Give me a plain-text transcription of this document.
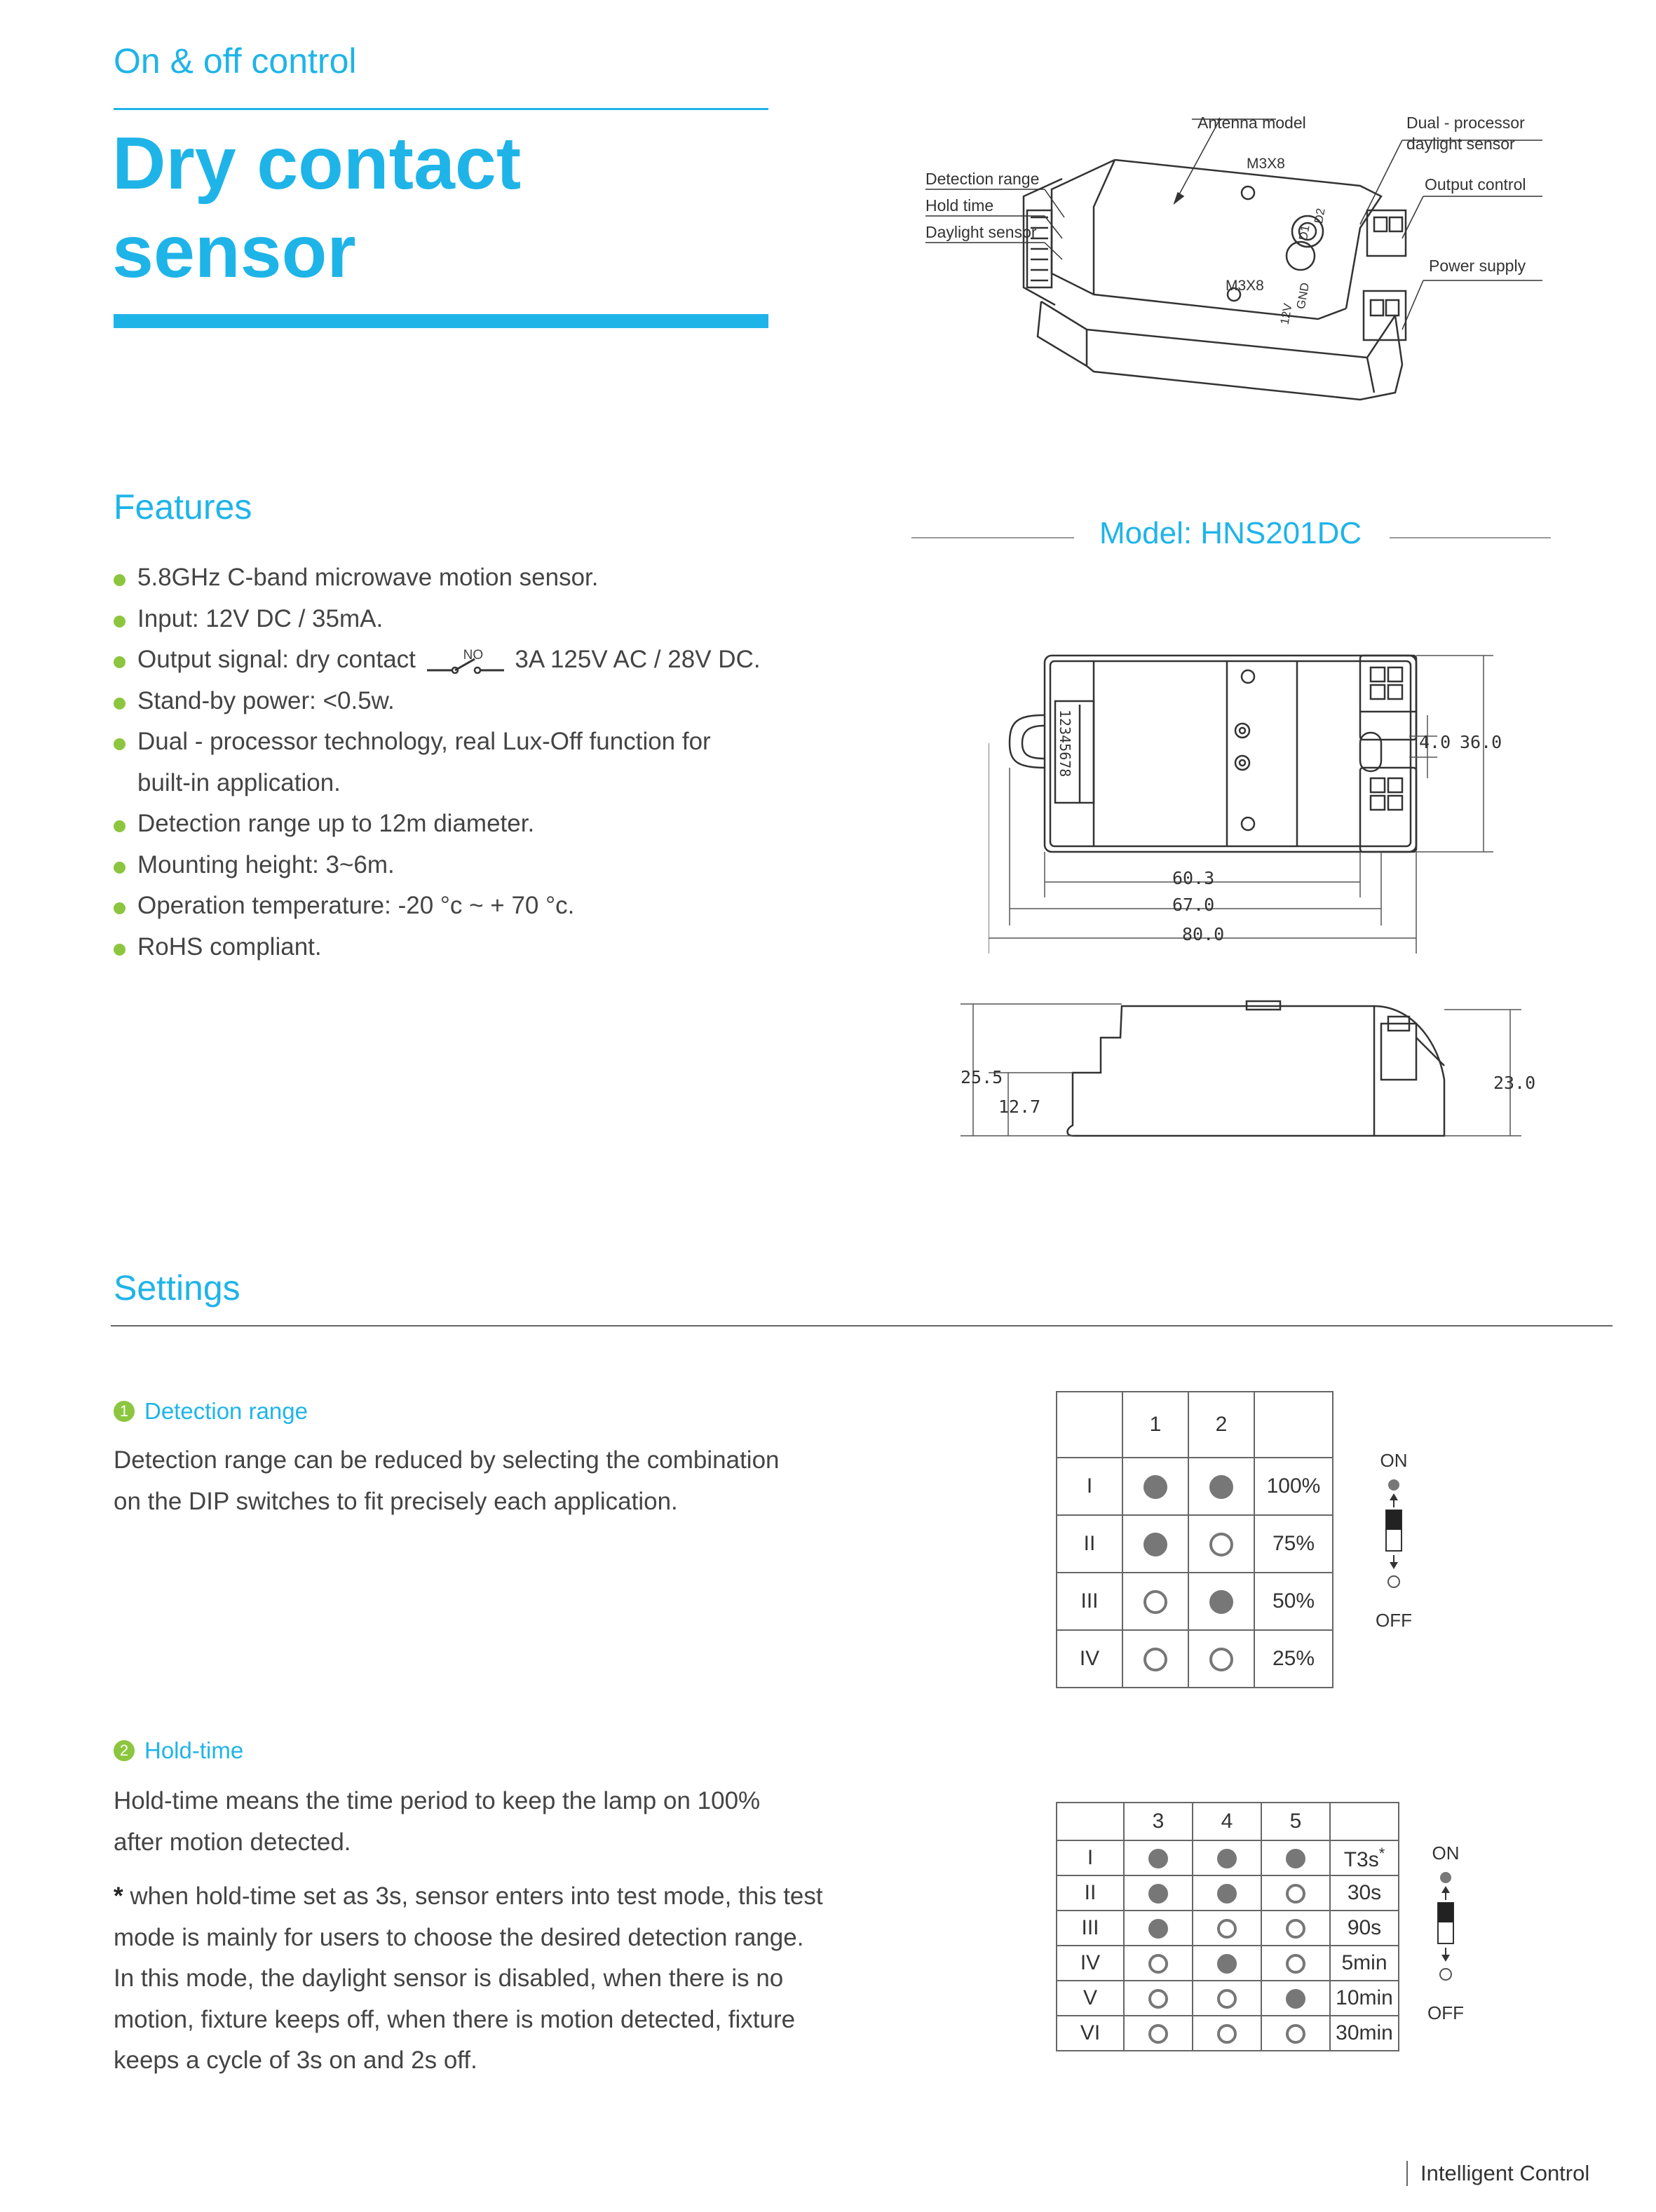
On & off control
Dry contact
sensor
Antenna model	Dual - processor
daylight sensor
Detection range
Hold time
Daylight sensor
Output control
Power supply
M3X8
M3X8
D1
D2
12V
GND
Features
5.8GHz C-band microwave motion sensor.
Input: 12V DC / 35mA.
Output signal: dry contact	NO 3A 125V AC / 28V DC.
Stand-by power: <0.5w.
Dual - processor technology, real Lux-Off function for
built-in application.
Detection range up to 12m diameter.
Mounting height: 3~6m.
Operation temperature: -20 °c ~ + 70 °c.
RoHS compliant.
Model: HNS201DC
12345678
60.3
67.0
80.0
4.0 36.0
25.5
12.7
23.0
Settings
1 Detection range
Detection range can be reduced by selecting the combination
on the DIP switches to fit precisely each application.
	1	2	
I			100%
II			75%
III			50%
IV			25%
ON
OFF
2 Hold-time
Hold-time means the time period to keep the lamp on 100%
after motion detected.
* when hold-time set as 3s, sensor enters into test mode, this test
mode is mainly for users to choose the desired detection range.
In this mode, the daylight sensor is disabled, when there is no
motion, fixture keeps off, when there is motion detected, fixture
keeps a cycle of 3s on and 2s off.
	3	4	5	
I				T3s*
II				30s
III				90s
IV				5min
V				10min
VI				30min
ON
OFF
Intelligent Control
